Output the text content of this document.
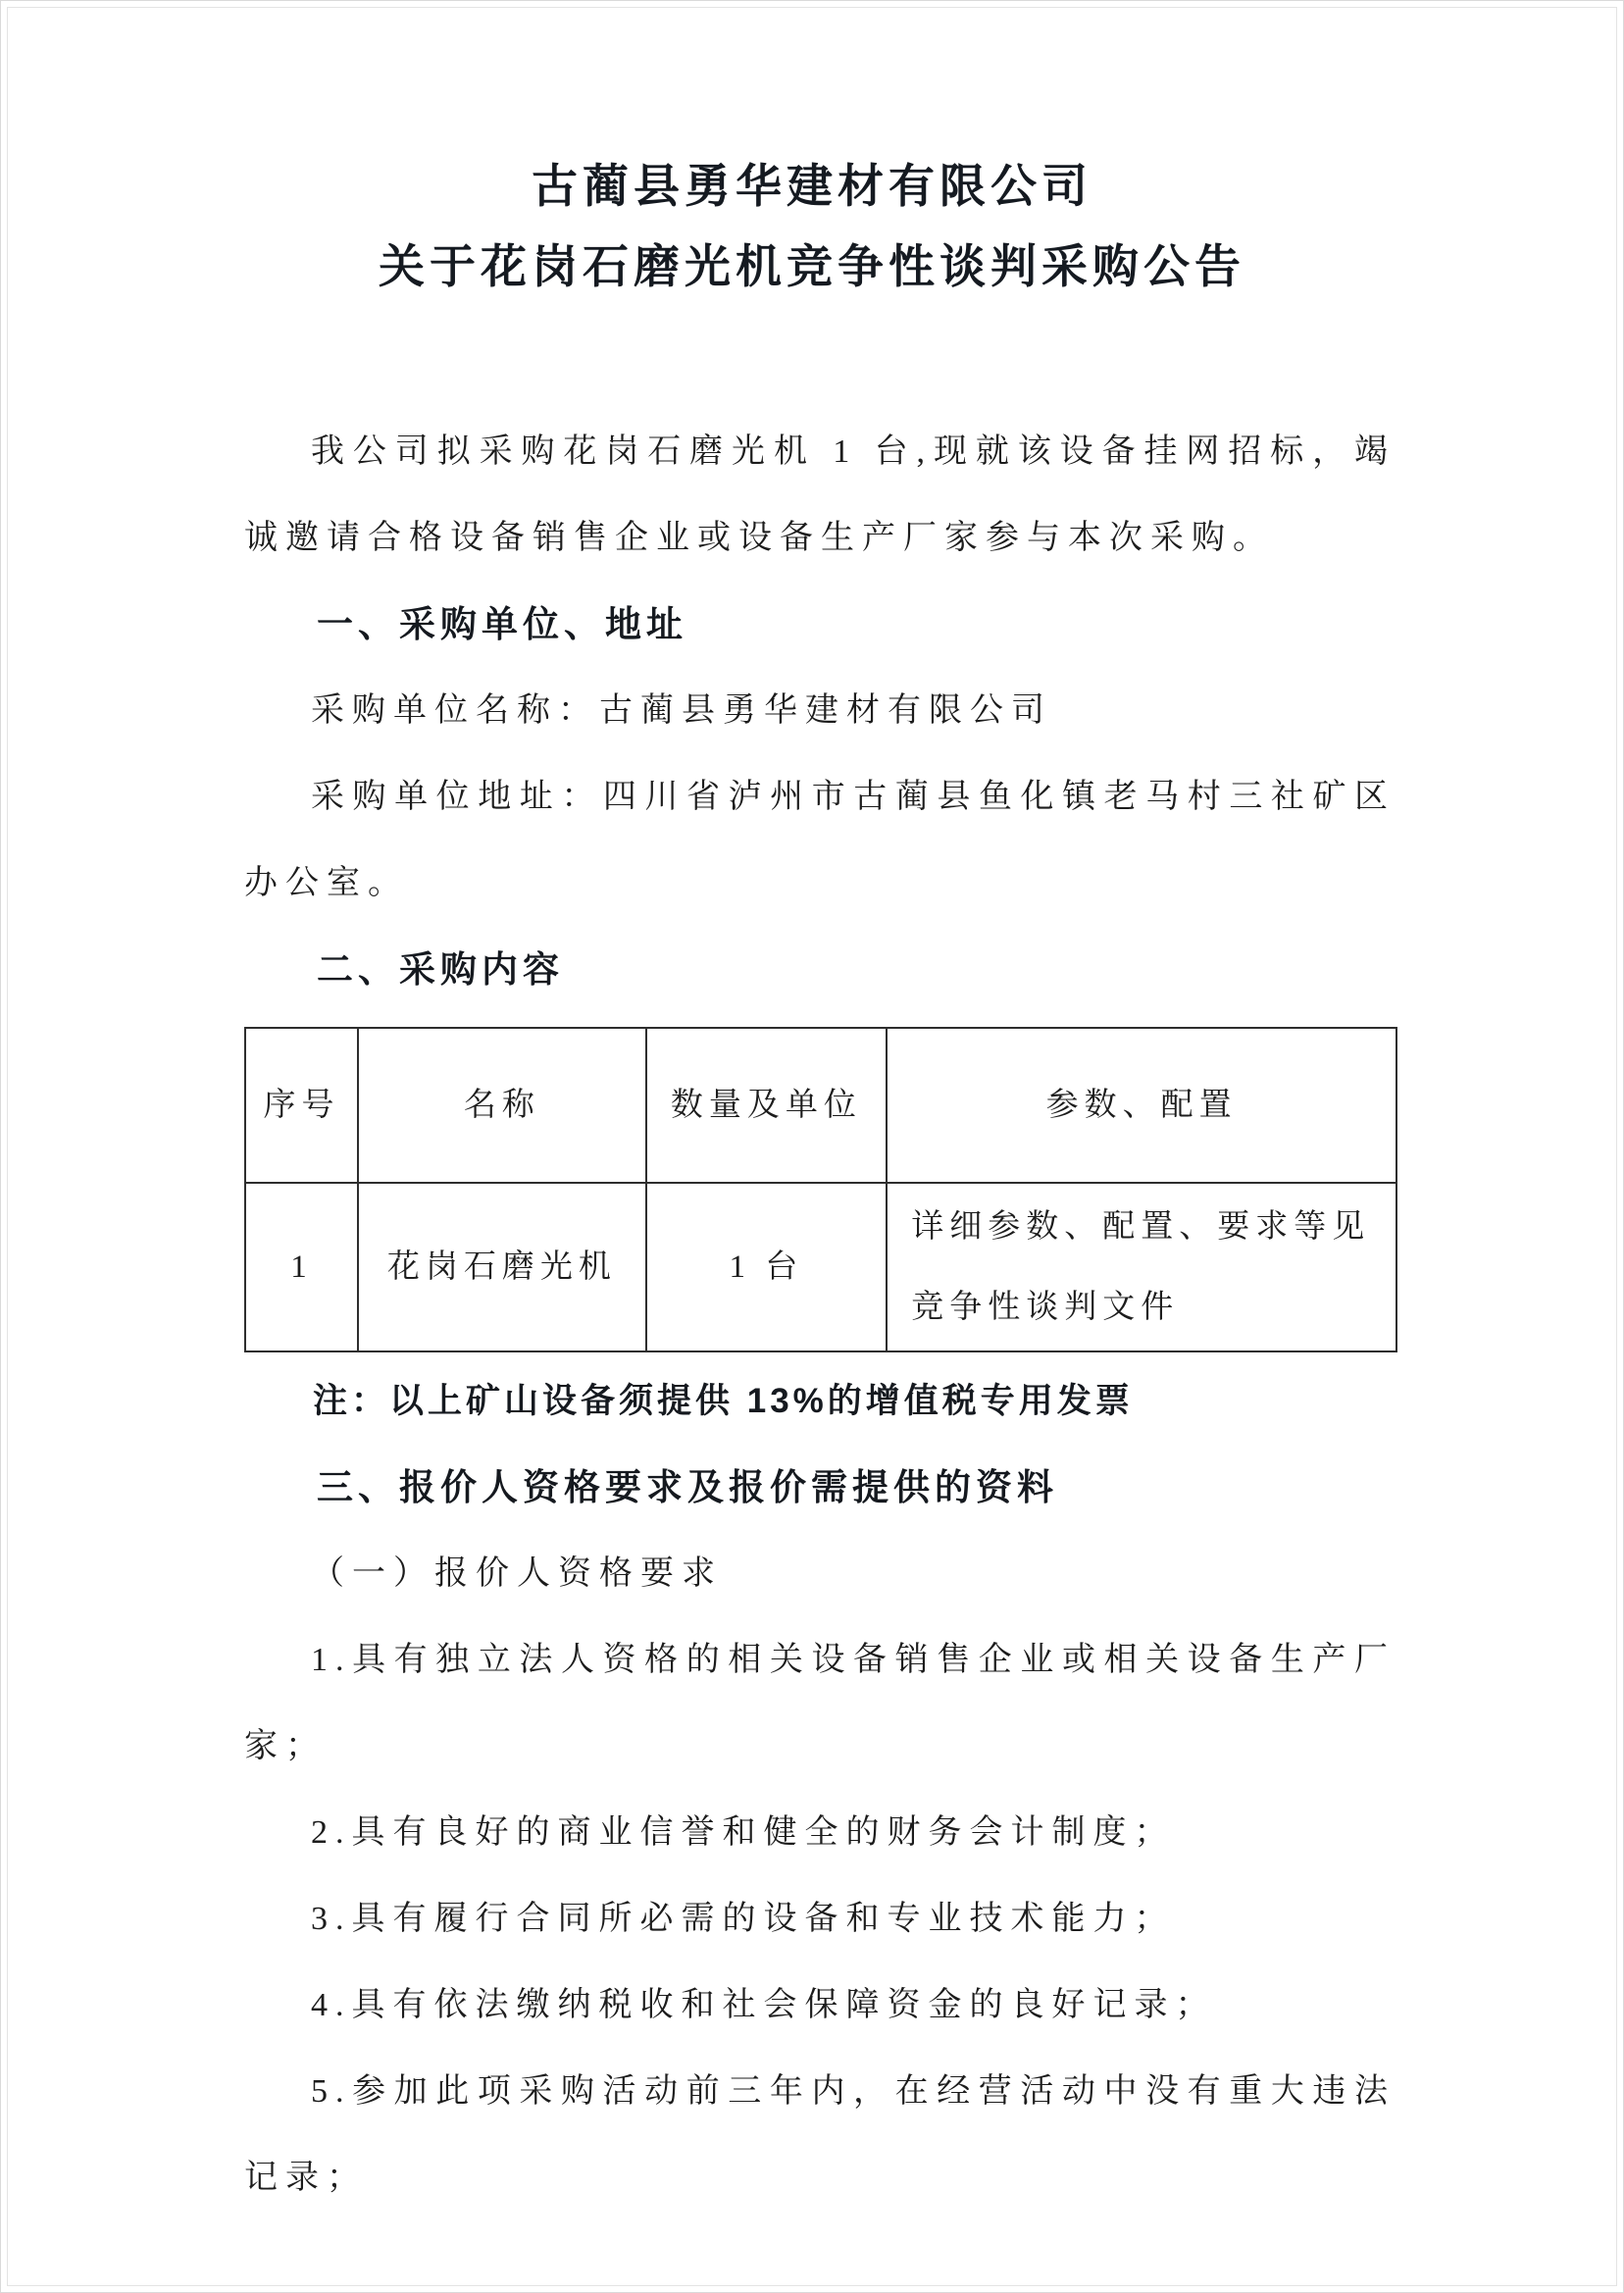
古蔺县勇华建材有限公司
关于花岗石磨光机竞争性谈判采购公告

我公司拟采购花岗石磨光机 1 台,现就该设备挂网招标，竭诚邀请合格设备销售企业或设备生产厂家参与本次采购。

一、采购单位、地址

采购单位名称：古蔺县勇华建材有限公司

采购单位地址：四川省泸州市古蔺县鱼化镇老马村三社矿区办公室。

二、采购内容
序号	名称	数量及单位	参数、配置
1	花岗石磨光机	1 台	详细参数、配置、要求等见竞争性谈判文件

注：以上矿山设备须提供 13%的增值税专用发票

三、报价人资格要求及报价需提供的资料

（一）报价人资格要求

1.具有独立法人资格的相关设备销售企业或相关设备生产厂家；

2.具有良好的商业信誉和健全的财务会计制度；

3.具有履行合同所必需的设备和专业技术能力；

4.具有依法缴纳税收和社会保障资金的良好记录；

5.参加此项采购活动前三年内，在经营活动中没有重大违法记录；
